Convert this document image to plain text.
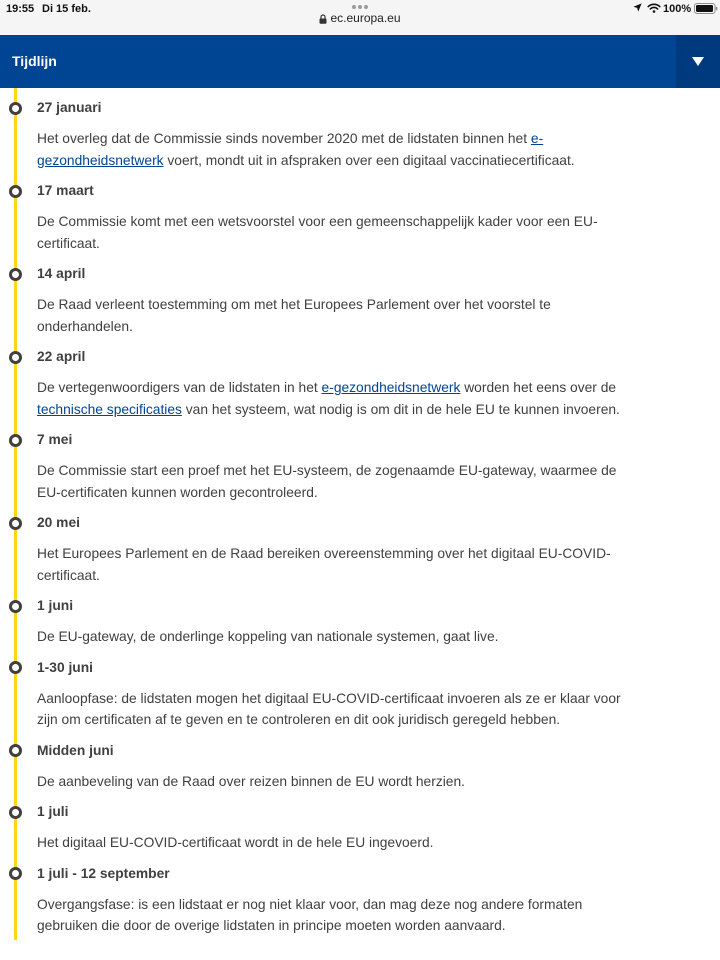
19:55 Di 15 feb.
ec.europa.eu
100%
Tijdlijn
27 januari

Het overleg dat de Commissie sinds november 2020 met de lidstaten binnen het e-gezondheidsnetwerk voert, mondt uit in afspraken over een digitaal vaccinatiecertificaat.

17 maart

De Commissie komt met een wetsvoorstel voor een gemeenschappelijk kader voor een EU-certificaat.

14 april

De Raad verleent toestemming om met het Europees Parlement over het voorstel te onderhandelen.

22 april

De vertegenwoordigers van de lidstaten in het e-gezondheidsnetwerk worden het eens over de technische specificaties van het systeem, wat nodig is om dit in de hele EU te kunnen invoeren.

7 mei

De Commissie start een proef met het EU-systeem, de zogenaamde EU-gateway, waarmee de EU-certificaten kunnen worden gecontroleerd.

20 mei

Het Europees Parlement en de Raad bereiken overeenstemming over het digitaal EU-COVID-certificaat.

1 juni

De EU-gateway, de onderlinge koppeling van nationale systemen, gaat live.

1-30 juni

Aanloopfase: de lidstaten mogen het digitaal EU-COVID-certificaat invoeren als ze er klaar voor zijn om certificaten af te geven en te controleren en dit ook juridisch geregeld hebben.

Midden juni

De aanbeveling van de Raad over reizen binnen de EU wordt herzien.

1 juli

Het digitaal EU-COVID-certificaat wordt in de hele EU ingevoerd.

1 juli - 12 september

Overgangsfase: is een lidstaat er nog niet klaar voor, dan mag deze nog andere formaten gebruiken die door de overige lidstaten in principe moeten worden aanvaard.
